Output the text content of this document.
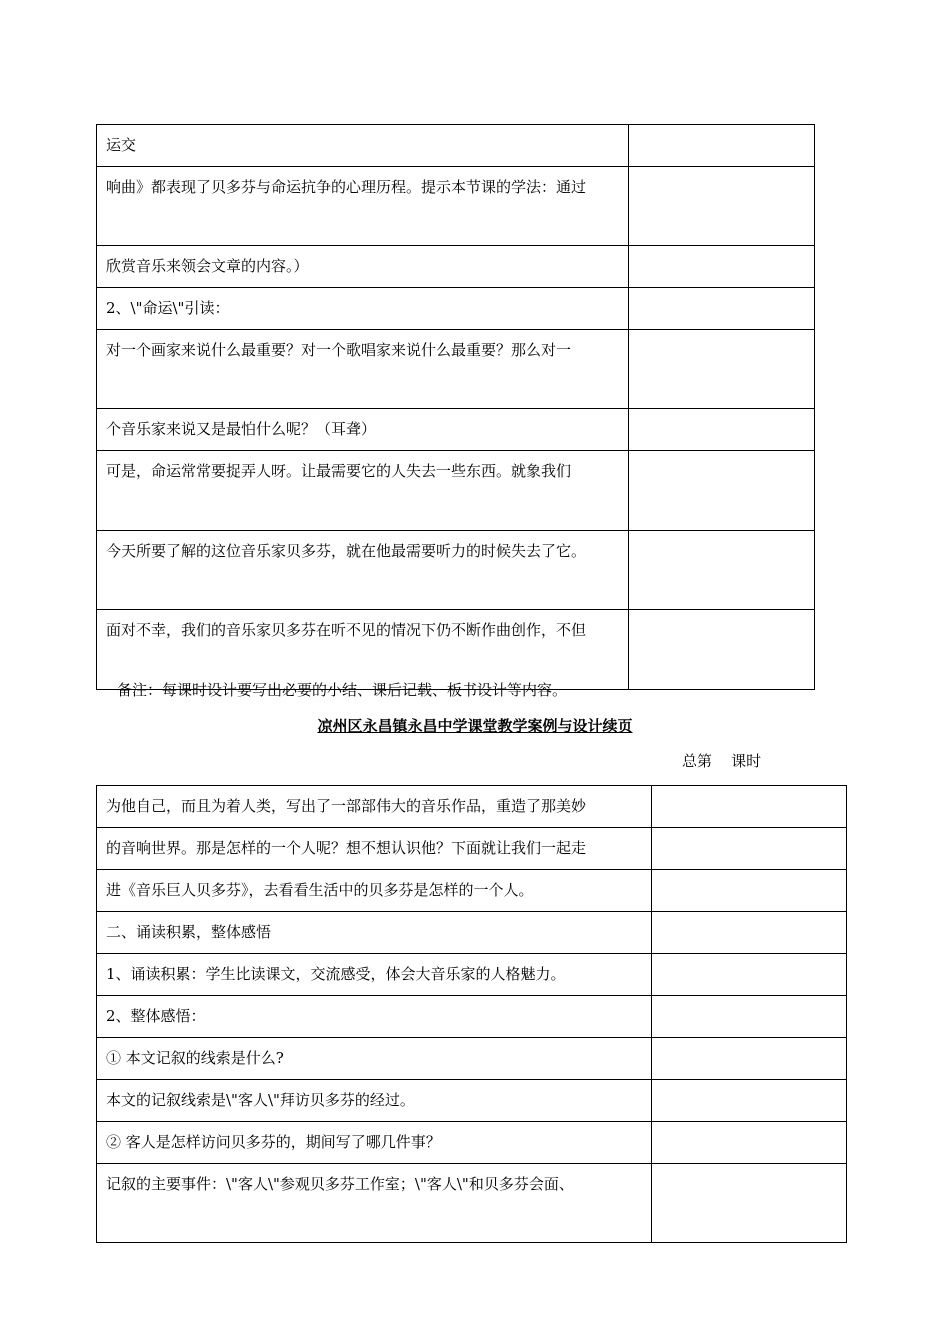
运交	
响曲》都表现了贝多芬与命运抗争的心理历程。提示本节课的学法：通过	
欣赏音乐来领会文章的内容。）	
2、\"命运\"引读：	
对一个画家来说什么最重要？对一个歌唱家来说什么最重要？那么对一	
个音乐家来说又是最怕什么呢？（耳聋）	
可是，命运常常要捉弄人呀。让最需要它的人失去一些东西。就象我们	
今天所要了解的这位音乐家贝多芬，就在他最需要听力的时候失去了它。	
面对不幸，我们的音乐家贝多芬在听不见的情况下仍不断作曲创作，不但	
备注：每课时设计要写出必要的小结、课后记载、板书设计等内容。
凉州区永昌镇永昌中学课堂教学案例与设计续页
总第    课时
为他自己，而且为着人类，写出了一部部伟大的音乐作品，重造了那美妙	
的音响世界。那是怎样的一个人呢？想不想认识他？下面就让我们一起走	
进《音乐巨人贝多芬》，去看看生活中的贝多芬是怎样的一个人。	
二、诵读积累，整体感悟	
1、诵读积累：学生比读课文，交流感受，体会大音乐家的人格魅力。	
2、整体感悟：	
① 本文记叙的线索是什么?	
本文的记叙线索是\"客人\"拜访贝多芬的经过。	
② 客人是怎样访问贝多芬的，期间写了哪几件事？	
记叙的主要事件：\"客人\"参观贝多芬工作室；\"客人\"和贝多芬会面、	
